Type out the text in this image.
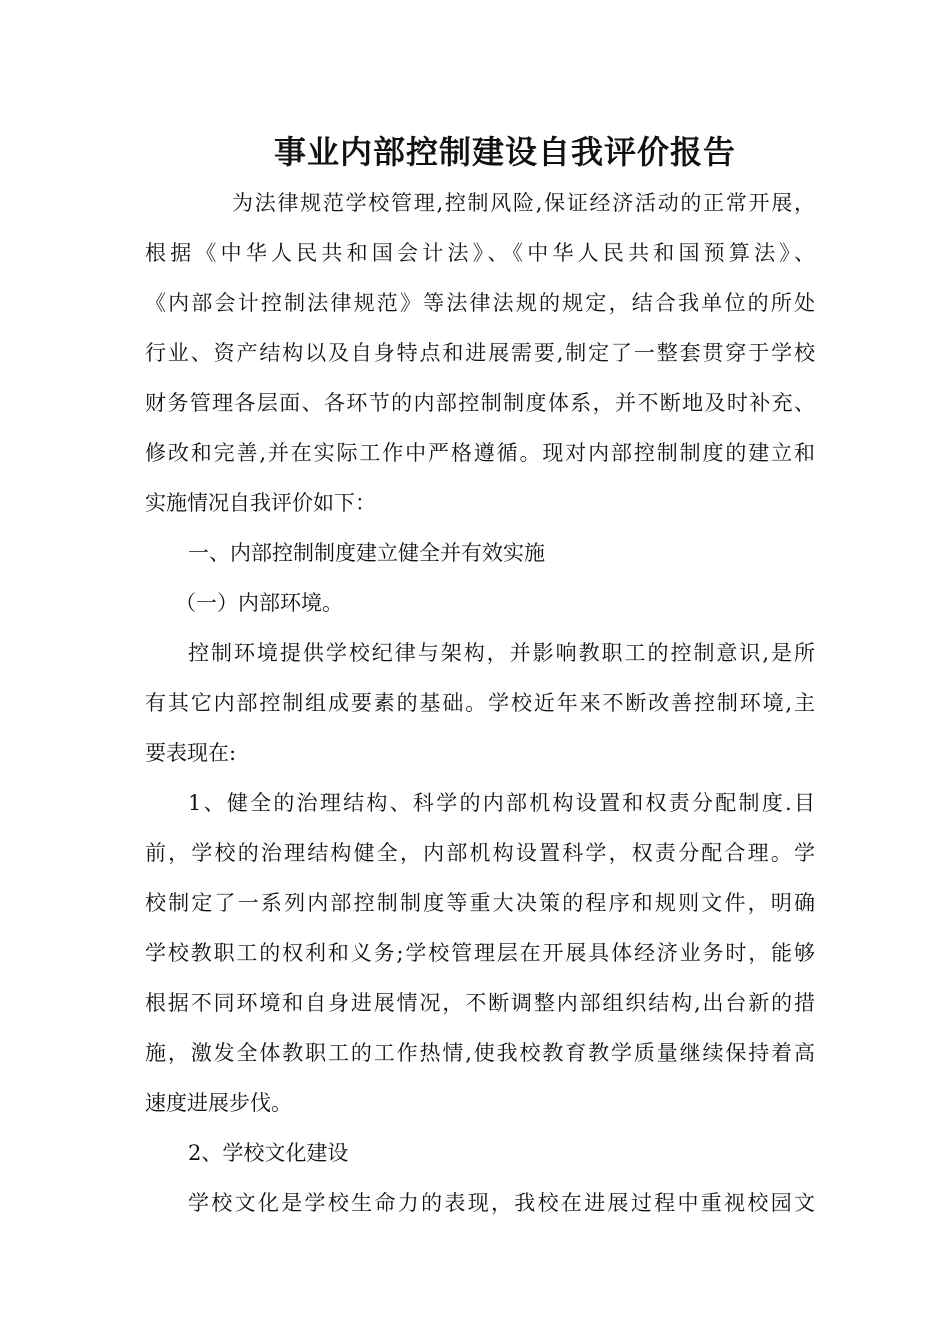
事业内部控制建设自我评价报告
为法律规范学校管理,控制风险,保证经济活动的正常开展，
根据《中华人民共和国会计法》、《中华人民共和国预算法》、
《内部会计控制法律规范》等法律法规的规定，结合我单位的所处
行业、资产结构以及自身特点和进展需要,制定了一整套贯穿于学校
财务管理各层面、各环节的内部控制制度体系，并不断地及时补充、
修改和完善,并在实际工作中严格遵循。现对内部控制制度的建立和
实施情况自我评价如下：
一、内部控制制度建立健全并有效实施
（一）内部环境。
控制环境提供学校纪律与架构，并影响教职工的控制意识,是所
有其它内部控制组成要素的基础。学校近年来不断改善控制环境,主
要表现在:
1、健全的治理结构、科学的内部机构设置和权责分配制度.目
前，学校的治理结构健全，内部机构设置科学，权责分配合理。学
校制定了一系列内部控制制度等重大决策的程序和规则文件，明确
学校教职工的权利和义务;学校管理层在开展具体经济业务时，能够
根据不同环境和自身进展情况，不断调整内部组织结构,出台新的措
施，激发全体教职工的工作热情,使我校教育教学质量继续保持着高
速度进展步伐。
2、学校文化建设
学校文化是学校生命力的表现，我校在进展过程中重视校园文
